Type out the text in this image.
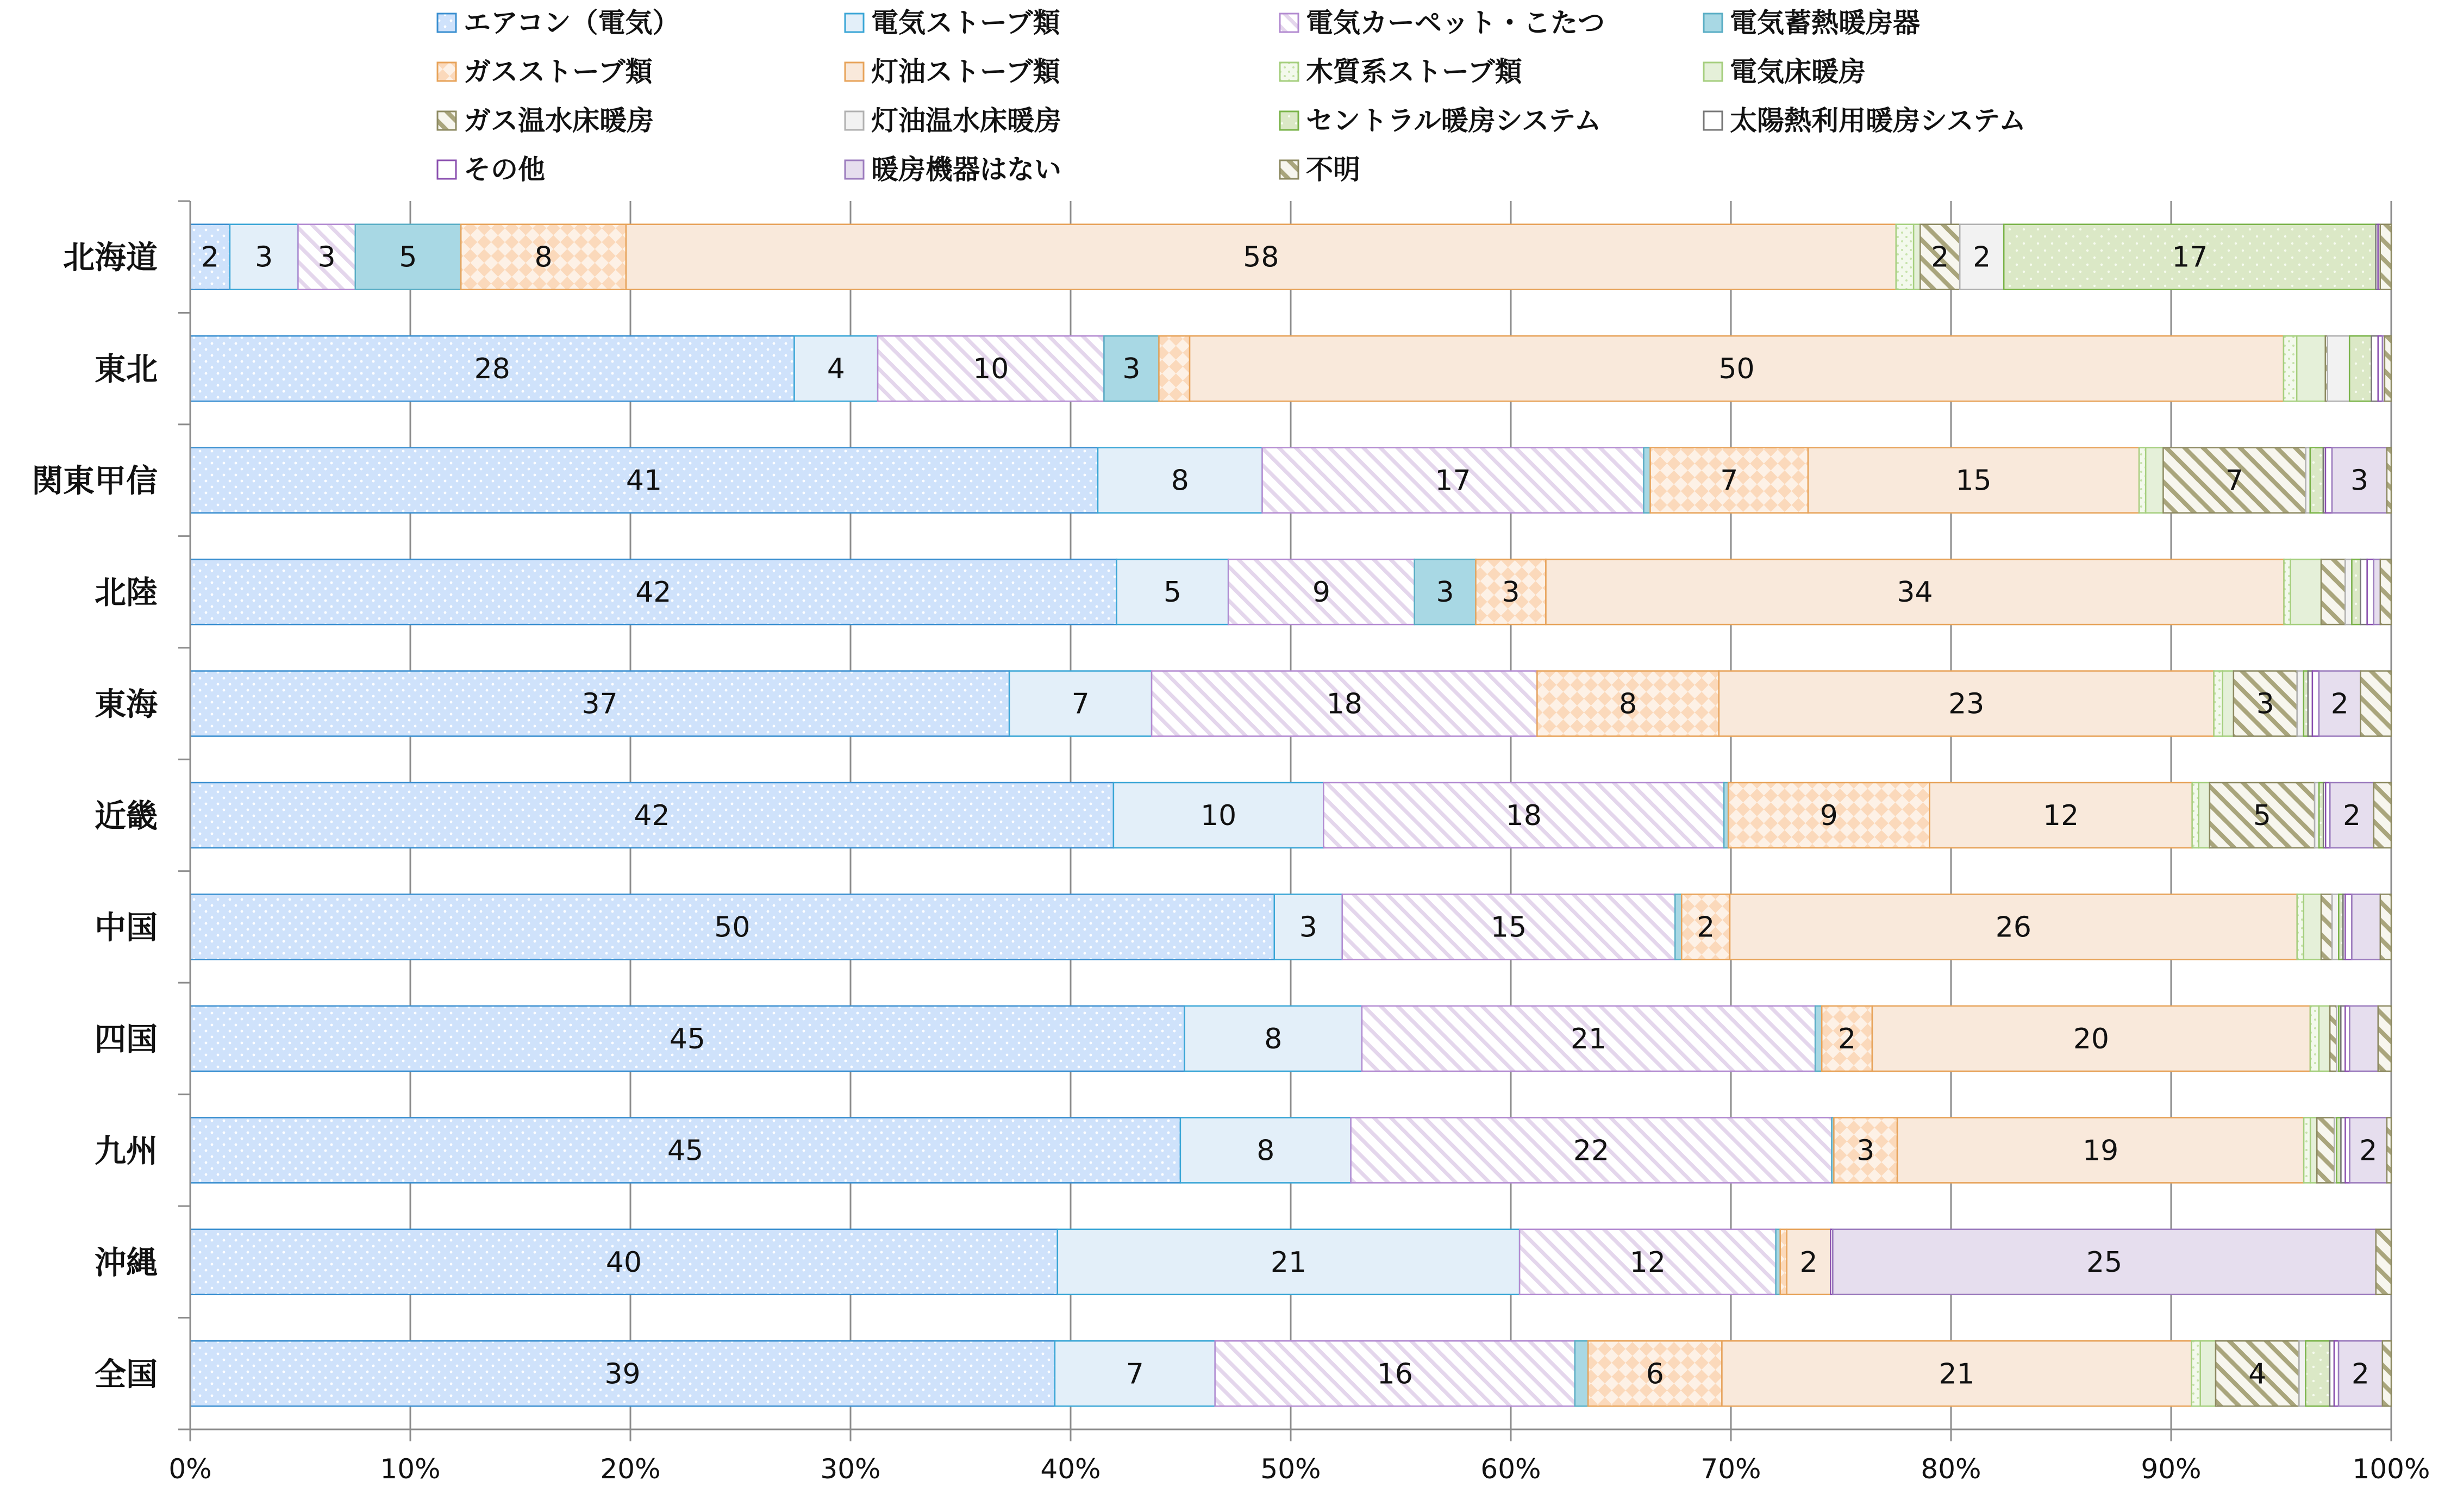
2 3 3 5	8	58	2 2	17
28	4	10	3	50
41	8	17	7	15	7	3
42	5	9	3 3	34
37	7	18	8	23	3 2
42	10	18	9	12	5	2
50	3	15	2	26
45	8	21	2	20
45	8	22	3	19	2
40	21	12	2	25
39	7	16	6	21	4	2
0%	10%	20%	30%	40%	50%	60%	70%	80%	90%	100%
北海道
東北
関東甲信
北陸
東海
近畿
中国
四国
九州
沖縄
全国
エアコン（電気）	電気ストーブ類	電気カーペット・こたつ	電気蓄熱暖房器
ガスストーブ類	灯油ストーブ類	木質系ストーブ類	電気床暖房
ガス温水床暖房	灯油温水床暖房	セントラル暖房システム	太陽熱利用暖房システム
その他	暖房機器はない	不明
